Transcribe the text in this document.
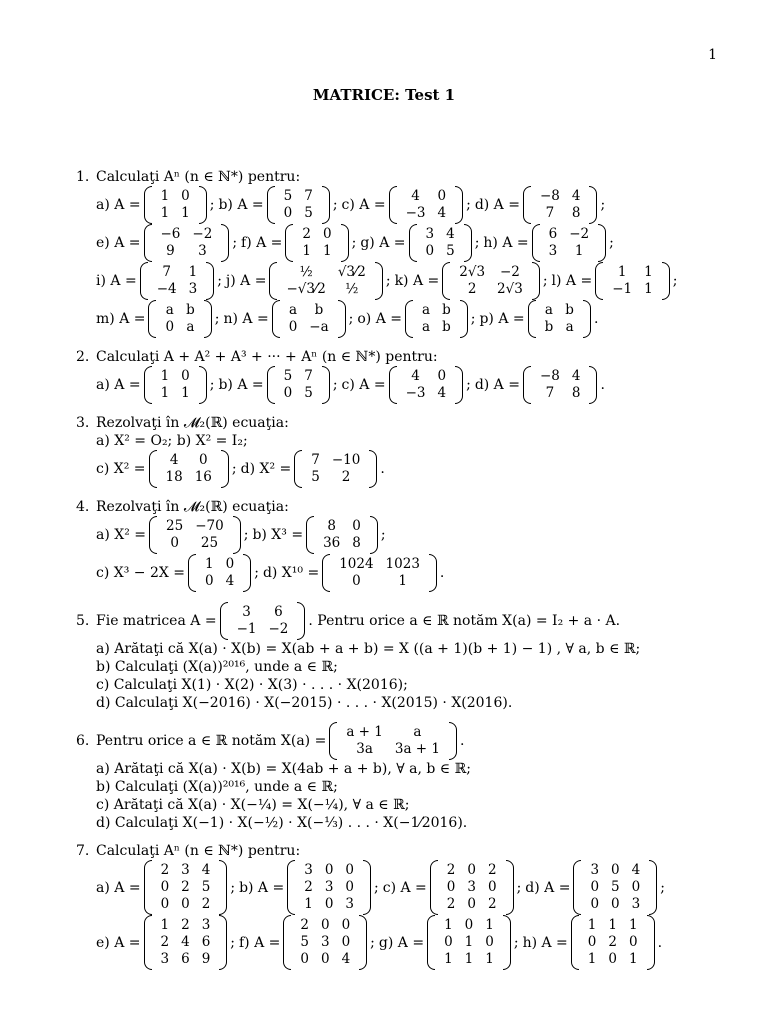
1
MATRICE: Test 1
1. Calculaţi Aⁿ (n ∈ ℕ*) pentru:
a) A =
1	0
1	1 ; b) A =
5	7
0	5 ; c) A =
4	0
−3	4 ; d) A =
−8	4
7	8 ;
e) A =
−6	−2
9	3 ; f) A =
2	0
1	1 ; g) A =
3	4
0	5 ; h) A =
6	−2
3	1 ;
i) A =
7	1
−4	3 ; j) A =
½	√3⁄2
−√3⁄2	½ ; k) A =
2√3	−2
2	2√3 ; l) A =
1	1
−1	1 ;
m) A =
a	b
0	a ; n) A =
a	b
0	−a ; o) A =
a	b
a	b ; p) A =
a	b
b	a .
2. Calculaţi A + A² + A³ + ··· + Aⁿ (n ∈ ℕ*) pentru:
a) A =
1	0
1	1 ; b) A =
5	7
0	5 ; c) A =
4	0
−3	4 ; d) A =
−8	4
7	8 .
3. Rezolvaţi în 𝓜₂(ℝ) ecuaţia:
a) X² = O₂; b) X² = I₂;
c) X² =
4	0
18	16 ; d) X² =
7	−10
5	2 .
4. Rezolvaţi în 𝓜₂(ℝ) ecuaţia:
a) X² =
25	−70
0	25 ; b) X³ =
8	0
36	8 ;
c) X³ − 2X =
1	0
0	4 ; d) X¹⁰ =
1024	1023
0	1 .
5. Fie matricea A =
3	6
−1	−2 . Pentru orice a ∈ ℝ notăm X(a) = I₂ + a · A.
a) Arătaţi că X(a) · X(b) = X(ab + a + b) = X ((a + 1)(b + 1) − 1) , ∀ a, b ∈ ℝ;
b) Calculaţi (X(a))²⁰¹⁶, unde a ∈ ℝ;
c) Calculaţi X(1) · X(2) · X(3) · . . . · X(2016);
d) Calculaţi X(−2016) · X(−2015) · . . . · X(2015) · X(2016).
6. Pentru orice a ∈ ℝ notăm X(a) =
a + 1	a
3a	3a + 1 .
a) Arătaţi că X(a) · X(b) = X(4ab + a + b), ∀ a, b ∈ ℝ;
b) Calculaţi (X(a))²⁰¹⁶, unde a ∈ ℝ;
c) Arătaţi că X(a) · X(−¼) = X(−¼), ∀ a ∈ ℝ;
d) Calculaţi X(−1) · X(−½) · X(−⅓) . . . · X(−1⁄2016).
7. Calculaţi Aⁿ (n ∈ ℕ*) pentru:
a) A =
2	3	4
0	2	5
0	0	2
; b) A =
3	0	0
2	3	0
1	0	3
; c) A =
2	0	2
0	3	0
2	0	2
; d) A =
3	0	4
0	5	0
0	0	3
;
e) A =
1	2	3
2	4	6
3	6	9
; f) A =
2	0	0
5	3	0
0	0	4
; g) A =
1	0	1
0	1	0
1	1	1
; h) A =
1	1	1
0	2	0
1	0	1
.
